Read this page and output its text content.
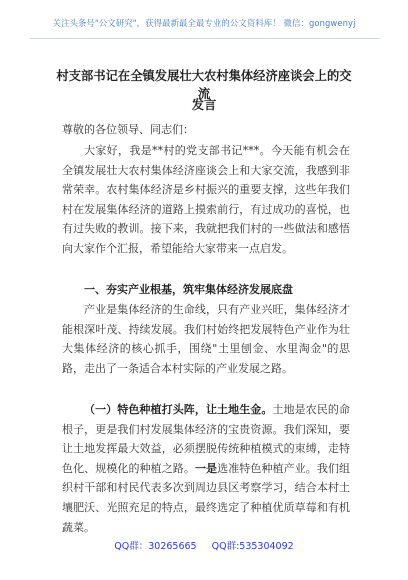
关注头条号"公文研究"，获得最新最全最专业的公文资料库！ 微信：gongwenyj
村支部书记在全镇发展壮大农村集体经济座谈会上的交流
发言
尊敬的各位领导、同志们：
大家好，我是**村的党支部书记***。今天能有机会在全镇发展壮大农村集体经济座谈会上和大家交流，我感到非常荣幸。农村集体经济是乡村振兴的重要支撑，这些年我们村在发展集体经济的道路上摸索前行，有过成功的喜悦，也有过失败的教训。接下来，我就把我们村的一些做法和感悟向大家作个汇报，希望能给大家带来一点启发。
一、夯实产业根基，筑牢集体经济发展底盘
产业是集体经济的生命线，只有产业兴旺，集体经济才能根深叶茂、持续发展。我们村始终把发展特色产业作为壮大集体经济的核心抓手，围绕"土里刨金、水里淘金"的思路，走出了一条适合本村实际的产业发展之路。
（一）特色种植打头阵，让土地生金。土地是农民的命根子，更是我们村发展集体经济的宝贵资源。我们深知，要让土地发挥最大效益，必须摆脱传统种植模式的束缚，走特色化、规模化的种植之路。一是选准特色种植产业。我们组织村干部和村民代表多次到周边县区考察学习，结合本村土壤肥沃、光照充足的特点，最终选定了种植优质草莓和有机蔬菜。
QQ群：30265665 QQ群:535304092
